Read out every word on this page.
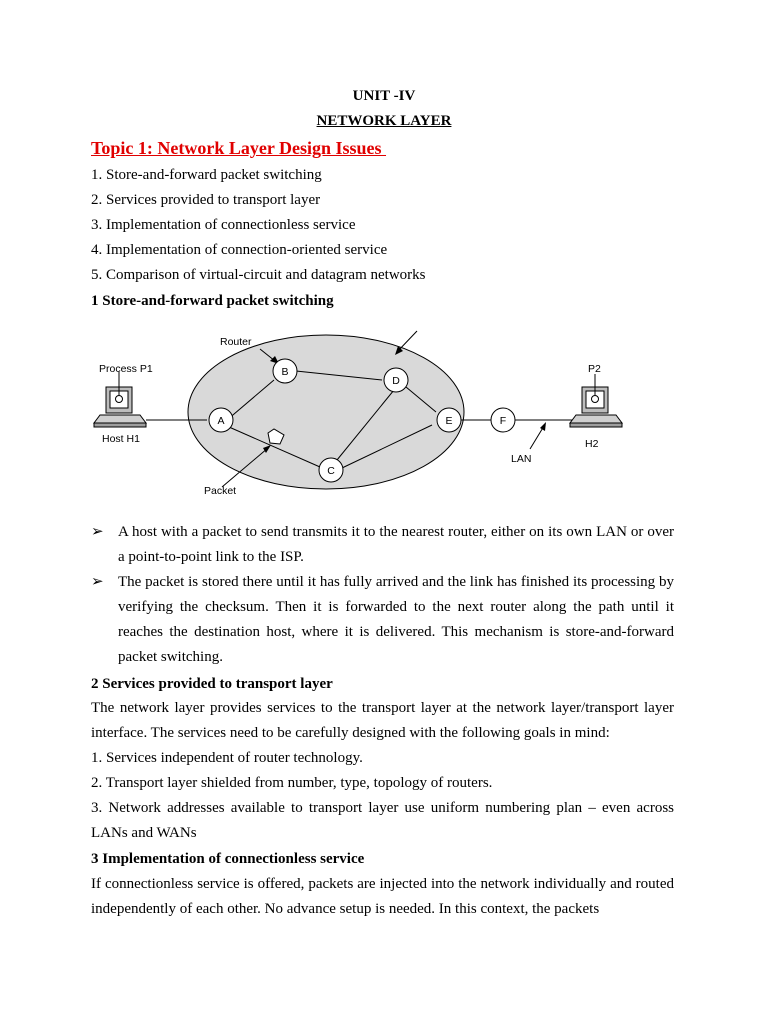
UNIT -IV
NETWORK LAYER
Topic 1: Network Layer Design Issues
1. Store-and-forward packet switching
2. Services provided to transport layer
3. Implementation of connectionless service
4. Implementation of connection-oriented service
5. Comparison of virtual-circuit and datagram networks
1 Store-and-forward packet switching
A
B
C
D
E	F
Router
Process P1
Host H1
Packet
P2
H2
LAN
➢ A host with a packet to send transmits it to the nearest router, either on its own LAN or over a point-to-point link to the ISP.
➢ The packet is stored there until it has fully arrived and the link has finished its processing by verifying the checksum. Then it is forwarded to the next router along the path until it reaches the destination host, where it is delivered. This mechanism is store-and-forward packet switching.
2 Services provided to transport layer
The network layer provides services to the transport layer at the network layer/transport layer interface. The services need to be carefully designed with the following goals in mind:
1. Services independent of router technology.
2. Transport layer shielded from number, type, topology of routers.
3. Network addresses available to transport layer use uniform numbering plan – even across LANs and WANs
3 Implementation of connectionless service
If connectionless service is offered, packets are injected into the network individually and routed independently of each other. No advance setup is needed. In this context, the packets
